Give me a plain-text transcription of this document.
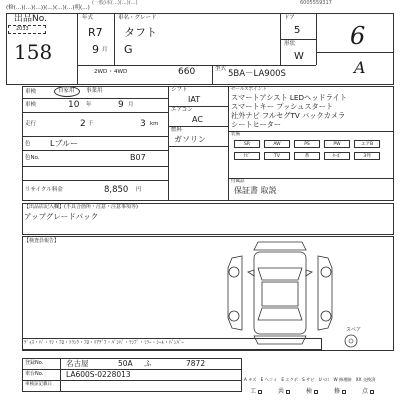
(一般)本(…)(…)(…)	6005559317
(修(…)(…)(…))(…)(…)(…)明(…)
出品No.
2033
158
年式
R7
9 月
車名・グレード
タフト
G
ドア
5
形状
W
6
A
2WD ・ 4WD	660	型式 5BA－LA900S
車検	自家用 事業用
車検	10 年	9 月
走行	2 千	3 km
色 Lブルー
色No.	B07
リサイクル料金	8,850 円
シフト
IAT
エアコン
AC
燃料
ガソリン
セールスポイント
スマートアシスト LEDヘッドライト
スマートキー プッシュスタート
社外ナビ フルセグTV バックカメラ
シートヒーター
装備
SR	AW	PS	PW	エアB
ﾅﾋﾞ	TV	革	ﾀｰﾎﾞ	3列
付属品
保証書 取説
【出品店記入欄】(不具合箇所・注意・注意事項等)
アップグレードパック
【検査員報告】
スペア
ﾃﾞｨｽ・ﾊﾞ・ﾗﾝ・ﾌﾛ・ﾄﾗﾝｸ・ﾌﾛ・ﾘｱﾃﾞﾌ・ﾊﾞﾝﾊﾟ・ﾗﾝﾌﾟ・ﾐﾗｰ・ｼｰﾙ・ﾊﾞﾝﾊﾟｰ
登録No.	名古屋	50A ふ	7872
車台No.	LA600S-0228013
車検証記載日
A キズ　E ヘコミ　E エクボ　S サビ　U ﾍｺﾐ　W 修理跡　XX 交換済
工	共	検	修	点
